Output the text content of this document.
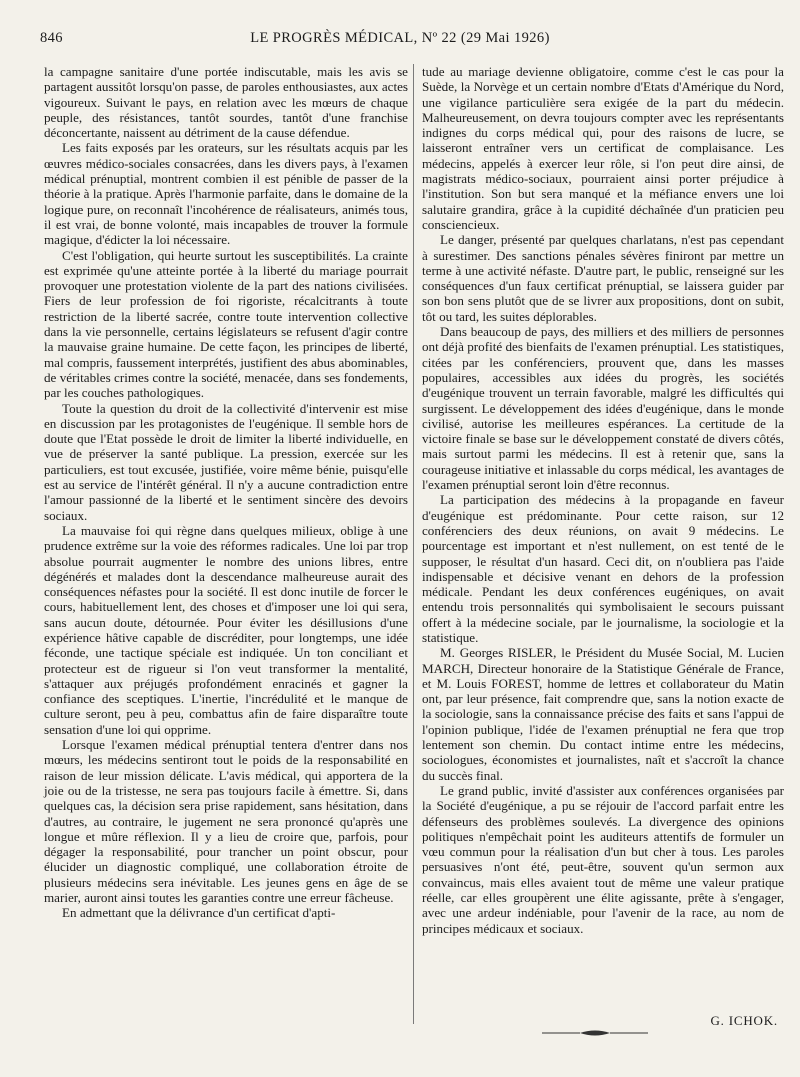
846	LE PROGRÈS MÉDICAL, Nº 22 (29 Mai 1926)

la campagne sanitaire d'une portée indiscutable, mais les avis se partagent aussitôt lorsqu'on passe, de paroles enthousiastes, aux actes vigoureux. Suivant le pays, en relation avec les mœurs de chaque peuple, des résistances, tantôt sourdes, tantôt d'une franchise déconcertante, naissent au détriment de la cause défendue.

Les faits exposés par les orateurs, sur les résultats acquis par les œuvres médico-sociales consacrées, dans les divers pays, à l'examen médical prénuptial, montrent combien il est pénible de passer de la théorie à la pratique. Après l'harmonie parfaite, dans le domaine de la logique pure, on reconnaît l'incohérence de réalisateurs, animés tous, il est vrai, de bonne volonté, mais incapables de trouver la formule magique, d'édicter la loi nécessaire.

C'est l'obligation, qui heurte surtout les susceptibilités. La crainte est exprimée qu'une atteinte portée à la liberté du mariage pourrait provoquer une protestation violente de la part des nations civilisées. Fiers de leur profession de foi rigoriste, récalcitrants à toute restriction de la liberté sacrée, contre toute intervention collective dans la vie personnelle, certains législateurs se refusent d'agir contre la mauvaise graine humaine. De cette façon, les principes de liberté, mal compris, faussement interprétés, justifient des abus abominables, de véritables crimes contre la société, menacée, dans ses fondements, par les couches pathologiques.

Toute la question du droit de la collectivité d'intervenir est mise en discussion par les protagonistes de l'eugénique. Il semble hors de doute que l'Etat possède le droit de limiter la liberté individuelle, en vue de préserver la santé publique. La pression, exercée sur les particuliers, est tout excusée, justifiée, voire même bénie, puisqu'elle est au service de l'intérêt général. Il n'y a aucune contradiction entre l'amour passionné de la liberté et le sentiment sincère des devoirs sociaux.

La mauvaise foi qui règne dans quelques milieux, oblige à une prudence extrême sur la voie des réformes radicales. Une loi par trop absolue pourrait augmenter le nombre des unions libres, entre dégénérés et malades dont la descendance malheureuse aurait des conséquences néfastes pour la société. Il est donc inutile de forcer le cours, habituellement lent, des choses et d'imposer une loi qui sera, sans aucun doute, détournée. Pour éviter les désillusions d'une expérience hâtive capable de discréditer, pour longtemps, une idée féconde, une tactique spéciale est indiquée. Un ton conciliant et protecteur est de rigueur si l'on veut transformer la mentalité, s'attaquer aux préjugés profondément enracinés et gagner la confiance des sceptiques. L'inertie, l'incrédulité et le manque de culture seront, peu à peu, combattus afin de faire disparaître toute sensation d'une loi qui opprime.

Lorsque l'examen médical prénuptial tentera d'entrer dans nos mœurs, les médecins sentiront tout le poids de la responsabilité en raison de leur mission délicate. L'avis médical, qui apportera de la joie ou de la tristesse, ne sera pas toujours facile à émettre. Si, dans quelques cas, la décision sera prise rapidement, sans hésitation, dans d'autres, au contraire, le jugement ne sera prononcé qu'après une longue et mûre réflexion. Il y a lieu de croire que, parfois, pour dégager la responsabilité, pour trancher un point obscur, pour élucider un diagnostic compliqué, une collaboration étroite de plusieurs médecins sera inévitable. Les jeunes gens en âge de se marier, auront ainsi toutes les garanties contre une erreur fâcheuse.

En admettant que la délivrance d'un certificat d'apti-

tude au mariage devienne obligatoire, comme c'est le cas pour la Suède, la Norvège et un certain nombre d'Etats d'Amérique du Nord, une vigilance particulière sera exigée de la part du médecin. Malheureusement, on devra toujours compter avec les représentants indignes du corps médical qui, pour des raisons de lucre, se laisseront entraîner vers un certificat de complaisance. Les médecins, appelés à exercer leur rôle, si l'on peut dire ainsi, de magistrats médico-sociaux, pourraient ainsi porter préjudice à l'institution. Son but sera manqué et la méfiance envers une loi salutaire grandira, grâce à la cupidité déchaînée d'un praticien peu consciencieux.

Le danger, présenté par quelques charlatans, n'est pas cependant à surestimer. Des sanctions pénales sévères finiront par mettre un terme à une activité néfaste. D'autre part, le public, renseigné sur les conséquences d'un faux certificat prénuptial, se laissera guider par son bon sens plutôt que de se livrer aux propositions, dont on subit, tôt ou tard, les suites déplorables.

Dans beaucoup de pays, des milliers et des milliers de personnes ont déjà profité des bienfaits de l'examen prénuptial. Les statistiques, citées par les conférenciers, prouvent que, dans les masses populaires, accessibles aux idées du progrès, les sociétés d'eugénique trouvent un terrain favorable, malgré les difficultés qui surgissent. Le développement des idées d'eugénique, dans le monde civilisé, autorise les meilleures espérances. La certitude de la victoire finale se base sur le développement constaté de divers côtés, mais surtout parmi les médecins. Il est à retenir que, sans la courageuse initiative et inlassable du corps médical, les avantages de l'examen prénuptial seront loin d'être reconnus.

La participation des médecins à la propagande en faveur d'eugénique est prédominante. Pour cette raison, sur 12 conférenciers des deux réunions, on avait 9 médecins. Le pourcentage est important et n'est nullement, on est tenté de le supposer, le résultat d'un hasard. Ceci dit, on n'oubliera pas l'aide indispensable et décisive venant en dehors de la profession médicale. Pendant les deux conférences eugéniques, on avait entendu trois personnalités qui symbolisaient le secours puissant offert à la médecine sociale, par le journalisme, la sociologie et la statistique.

M. Georges RISLER, le Président du Musée Social, M. Lucien MARCH, Directeur honoraire de la Statistique Générale de France, et M. Louis FOREST, homme de lettres et collaborateur du Matin ont, par leur présence, fait comprendre que, sans la notion exacte de la sociologie, sans la connaissance précise des faits et sans l'appui de l'opinion publique, l'idée de l'examen prénuptial ne fera que trop lentement son chemin. Du contact intime entre les médecins, sociologues, économistes et journalistes, naît et s'accroît la chance du succès final.

Le grand public, invité d'assister aux conférences organisées par la Société d'eugénique, a pu se réjouir de l'accord parfait entre les défenseurs des problèmes soulevés. La divergence des opinions politiques n'empêchait point les auditeurs attentifs de formuler un vœu commun pour la réalisation d'un but cher à tous. Les paroles persuasives n'ont été, peut-être, souvent qu'un sermon aux convaincus, mais elles avaient tout de même une valeur pratique réelle, car elles groupèrent une élite agissante, prête à s'engager, avec une ardeur indéniable, pour l'avenir de la race, au nom de principes médicaux et sociaux.

G. ICHOK.
